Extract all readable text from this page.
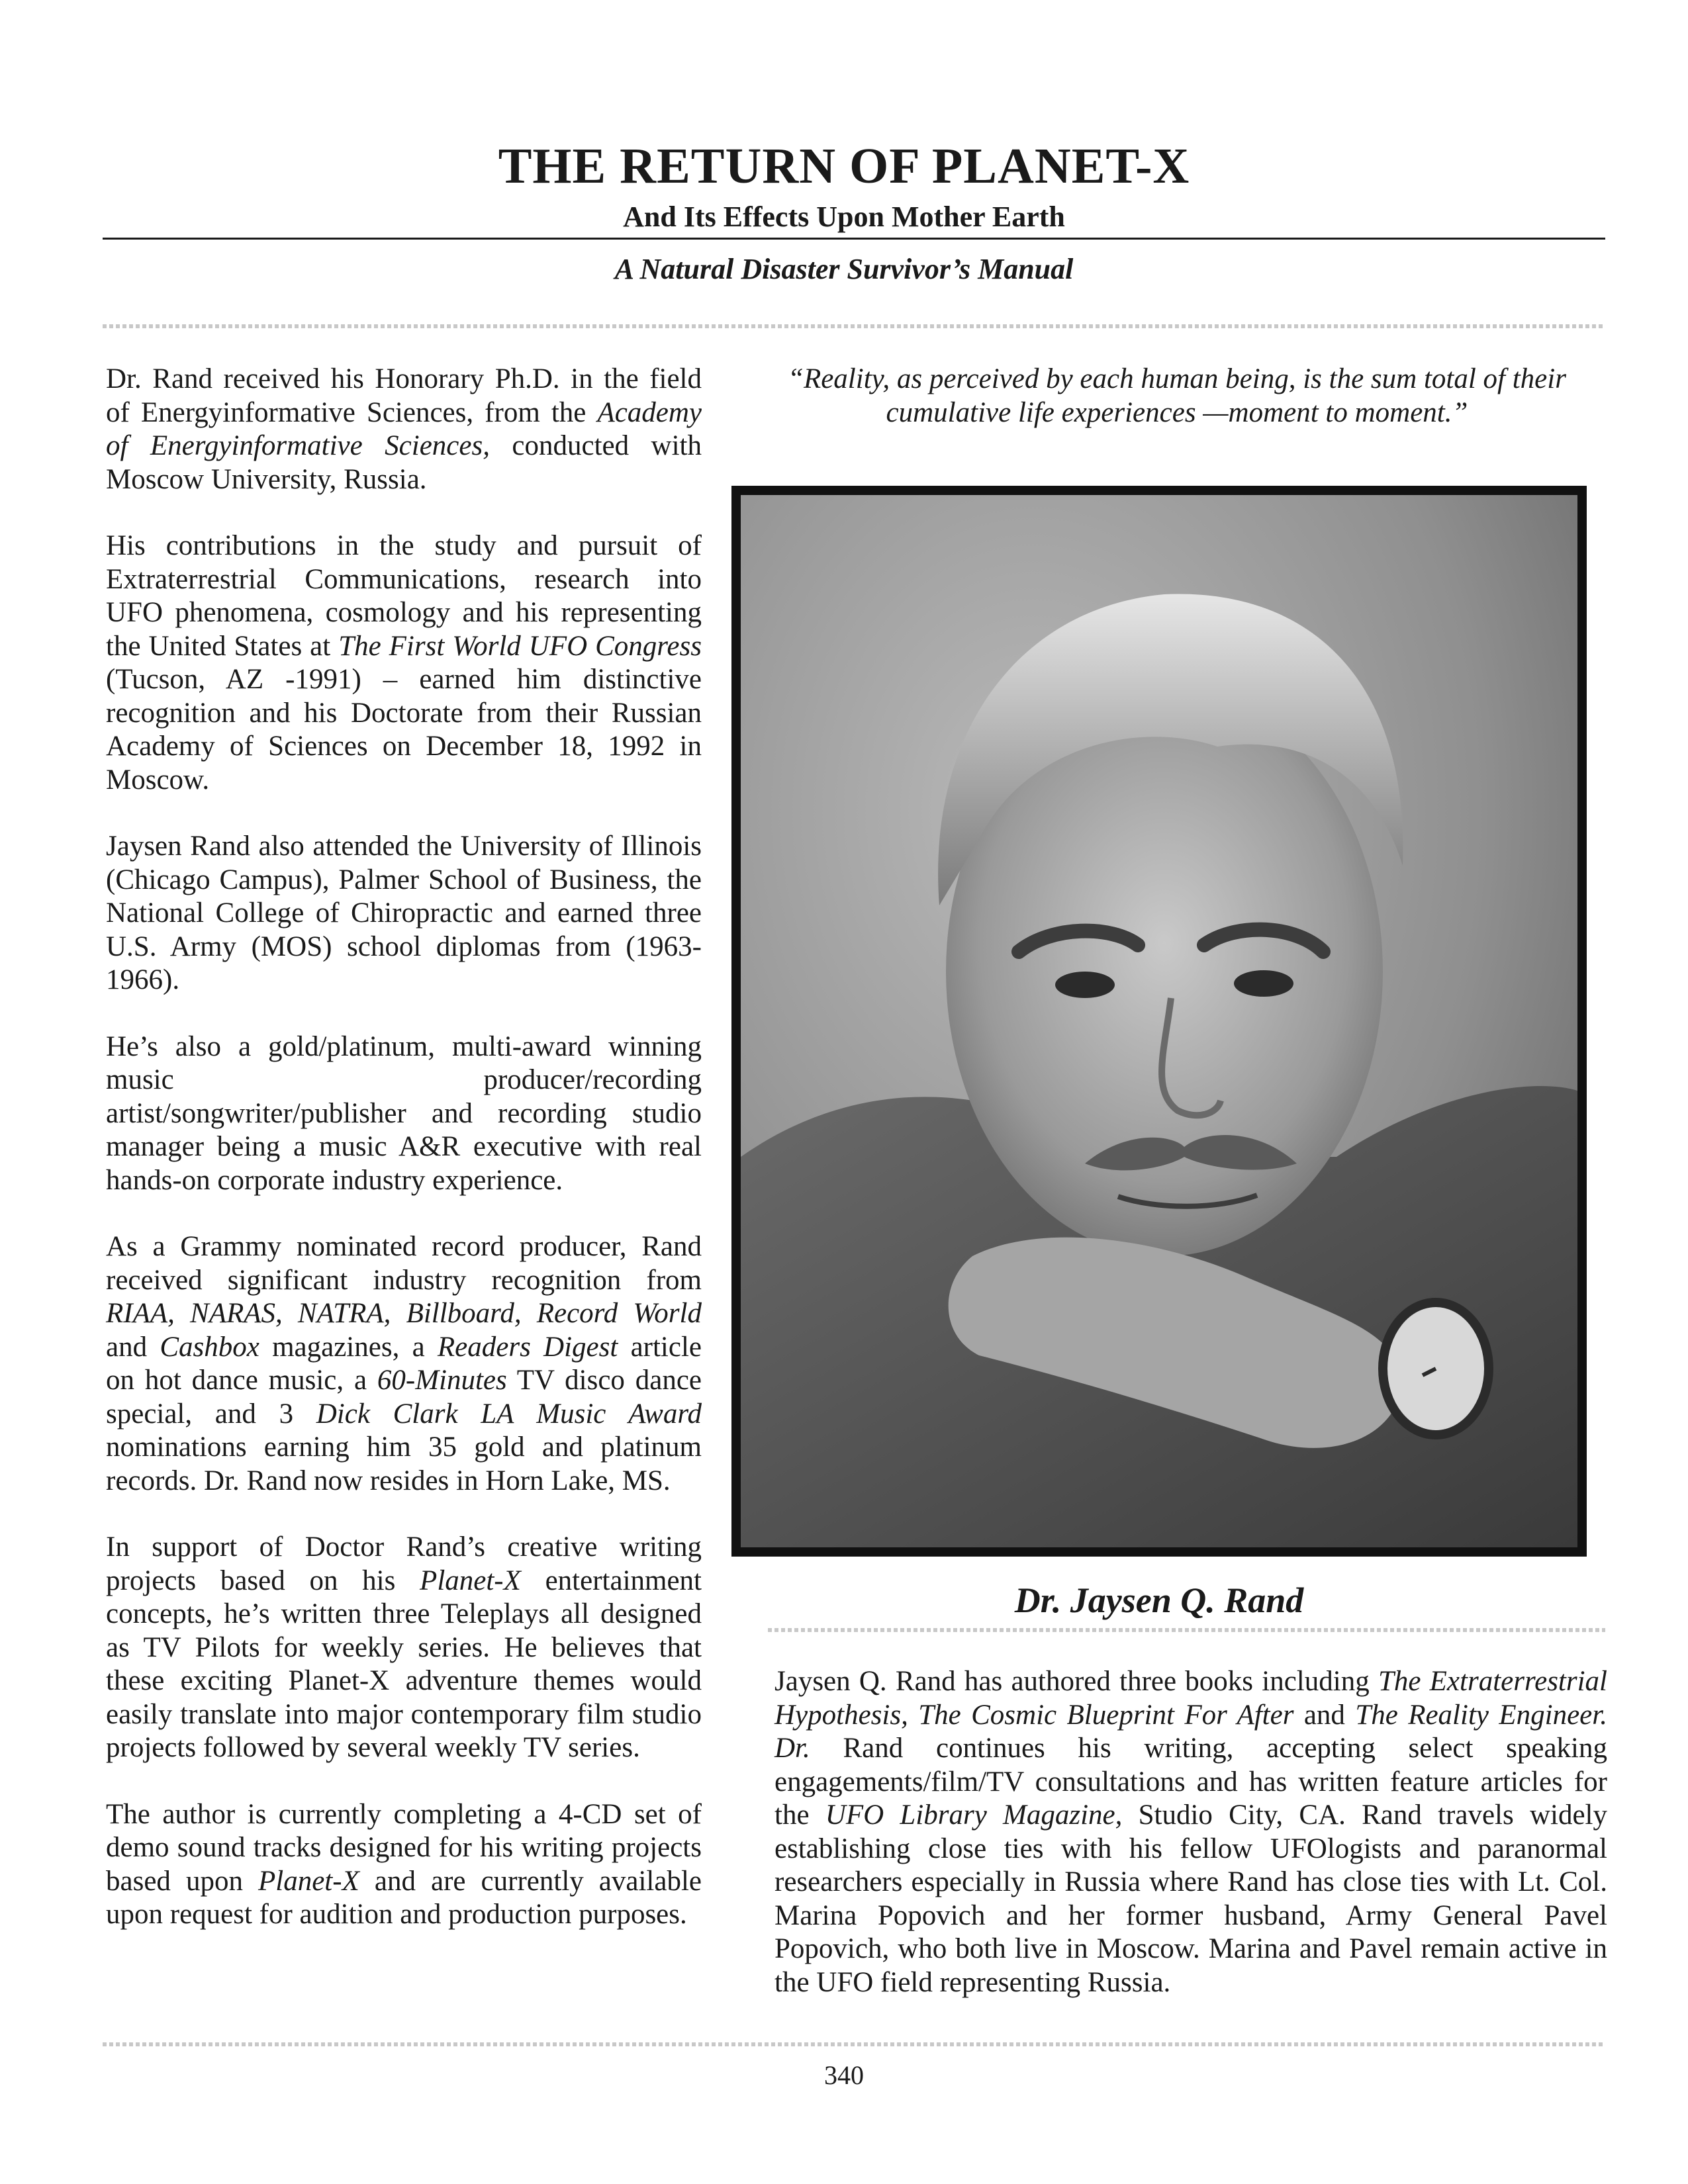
THE RETURN OF PLANET-X
And Its Effects Upon Mother Earth
A Natural Disaster Survivor’s Manual

Dr. Rand received his Honorary Ph.D. in the field of Energyinformative Sciences, from the Academy of Energyinformative Sciences, conducted with Moscow University, Russia.

His contributions in the study and pursuit of Extraterrestrial Communications, research into UFO phenomena, cosmology and his representing the United States at The First World UFO Congress (Tucson, AZ -1991) – earned him distinctive recognition and his Doctorate from their Russian Academy of Sciences on December 18, 1992 in Moscow.

Jaysen Rand also attended the University of Illinois (Chicago Campus), Palmer School of Business, the National College of Chiropractic and earned three U.S. Army (MOS) school diplomas from (1963-1966).

He’s also a gold/platinum, multi-award winning music producer/recording artist/songwriter/publisher and recording studio manager being a music A&R executive with real hands-on corporate industry experience.

As a Grammy nominated record producer, Rand received significant industry recognition from RIAA, NARAS, NATRA, Billboard, Record World and Cashbox magazines, a Readers Digest article on hot dance music, a 60-Minutes TV disco dance special, and 3 Dick Clark LA Music Award nominations earning him 35 gold and platinum records. Dr. Rand now resides in Horn Lake, MS.

In support of Doctor Rand’s creative writing projects based on his Planet-X entertainment concepts, he’s written three Teleplays all designed as TV Pilots for weekly series. He believes that these exciting Planet-X adventure themes would easily translate into major contemporary film studio projects followed by several weekly TV series.

The author is currently completing a 4-CD set of demo sound tracks designed for his writing projects based upon Planet-X and are currently available upon request for audition and production purposes.

“Reality, as perceived by each human being, is the sum total of their cumulative life experiences —moment to moment.”
Dr. Jaysen Q. Rand

Jaysen Q. Rand has authored three books including The Extraterrestrial Hypothesis, The Cosmic Blueprint For After and The Reality Engineer. Dr. Rand continues his writing, accepting select speaking engagements/film/TV consultations and has written feature articles for the UFO Library Magazine, Studio City, CA. Rand travels widely establishing close ties with his fellow UFOlogists and paranormal researchers especially in Russia where Rand has close ties with Lt. Col. Marina Popovich and her former husband, Army General Pavel Popovich, who both live in Moscow. Marina and Pavel remain active in the UFO field representing Russia.

340
